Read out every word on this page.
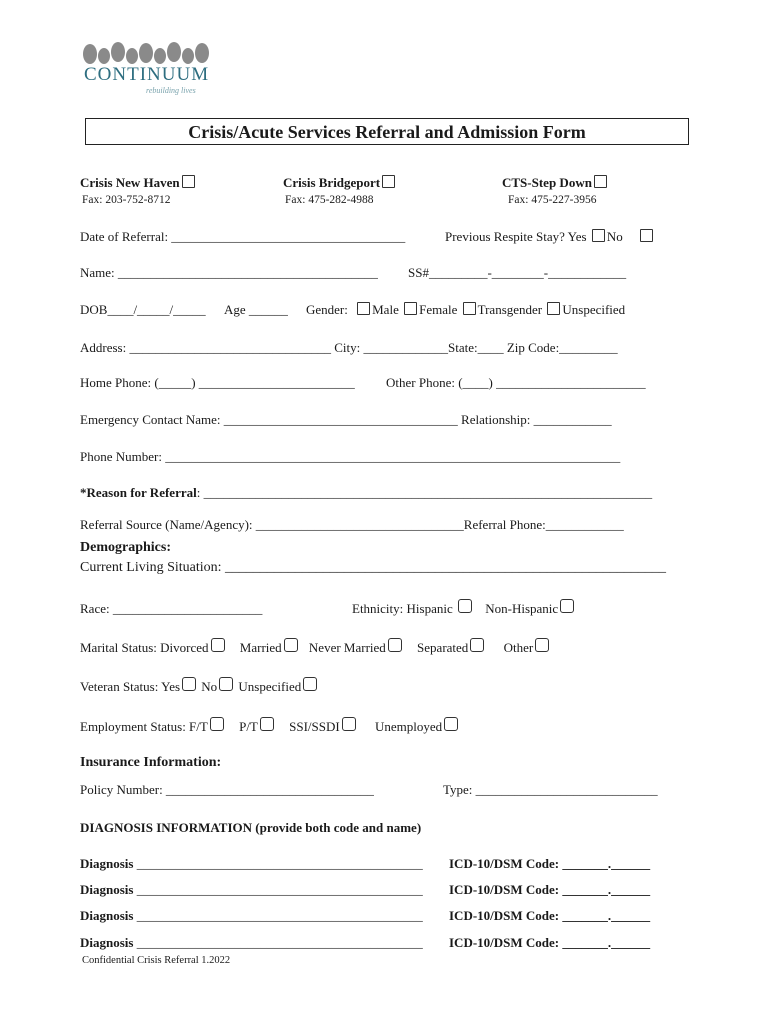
CONTINUUM
rebuilding lives
Crisis/Acute Services Referral and Admission Form
Crisis New Haven
Fax: 203-752-8712
Crisis Bridgeport
Fax: 475-282-4988
CTS-Step Down
Fax: 475-227-3956
Date of Referral: ____________________________________	Previous Respite Stay? Yes No
Name: ________________________________________ SS#_________-________-____________
DOB____/_____/_____ Age ______ Gender: Male Female Transgender Unspecified
Address: _______________________________ City: _____________State:____ Zip Code:_________
Home Phone: (_____) ________________________ Other Phone: (____) _______________________
Emergency Contact Name: ____________________________________ Relationship: ____________
Phone Number: ______________________________________________________________________
*Reason for Referral: _____________________________________________________________________
Referral Source (Name/Agency): ________________________________Referral Phone:____________
Demographics:
Current Living Situation: _______________________________________________________________
Race: _______________________	Ethnicity: Hispanic	Non-Hispanic
Marital Status: Divorced Married Never Married Separated	Other
Veteran Status: Yes No Unspecified
Employment Status: F/T P/T SSI/SSDI	Unemployed
Insurance Information:
Policy Number: ________________________________	Type: ____________________________
DIAGNOSIS INFORMATION (provide both code and name)
Diagnosis ____________________________________________ ICD-10/DSM Code: _______.______
Diagnosis ____________________________________________ ICD-10/DSM Code: _______.______
Diagnosis ____________________________________________ ICD-10/DSM Code: _______.______
Diagnosis ____________________________________________ ICD-10/DSM Code: _______.______
Confidential Crisis Referral 1.2022
